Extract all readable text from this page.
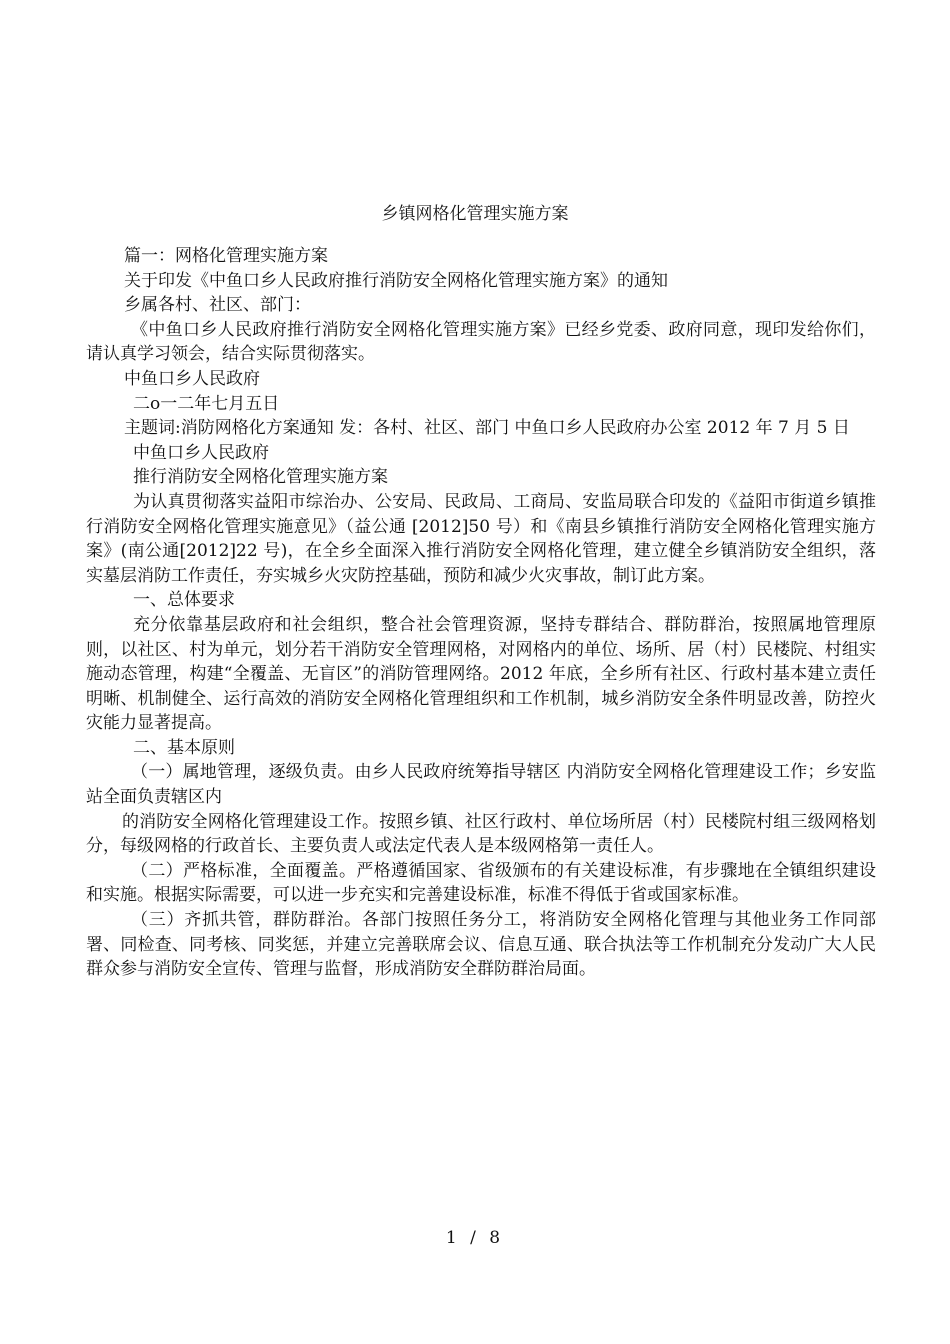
乡镇网格化管理实施方案

篇一：网格化管理实施方案

关于印发《中鱼口乡人民政府推行消防安全网格化管理实施方案》的通知

乡属各村、社区、部门：

《中鱼口乡人民政府推行消防安全网格化管理实施方案》已经乡党委、政府同意，现印发给你们，请认真学习领会，结合实际贯彻落实。

中鱼口乡人民政府

二o一二年七月五日

主题词:消防网格化方案通知 发：各村、社区、部门 中鱼口乡人民政府办公室 2012 年 7 月 5 日

中鱼口乡人民政府

推行消防安全网格化管理实施方案

为认真贯彻落实益阳市综治办、公安局、民政局、工商局、安监局联合印发的《益阳市街道乡镇推行消防安全网格化管理实施意见》（益公通 [2012]50 号）和《南县乡镇推行消防安全网格化管理实施方案》(南公通[2012]22 号)，在全乡全面深入推行消防安全网格化管理，建立健全乡镇消防安全组织，落实墓层消防工作责任，夯实城乡火灾防控基础，预防和减少火灾事故，制订此方案。

一、总体要求

充分依靠基层政府和社会组织，整合社会管理资源，坚持专群结合、群防群治，按照属地管理原则，以社区、村为单元，划分若干消防安全管理网格，对网格内的单位、场所、居（村）民楼院、村组实施动态管理，构建“全覆盖、无盲区”的消防管理网络。2012 年底，全乡所有社区、行政村基本建立责任明晰、机制健全、运行高效的消防安全网格化管理组织和工作机制，城乡消防安全条件明显改善，防控火灾能力显著提高。

二、基本原则

（一）属地管理，逐级负责。由乡人民政府统筹指导辖区 内消防安全网格化管理建设工作；乡安监站全面负责辖区内

的消防安全网格化管理建设工作。按照乡镇、社区行政村、单位场所居（村）民楼院村组三级网格划分，每级网格的行政首长、主要负责人或法定代表人是本级网格第一责任人。

（二）严格标准，全面覆盖。严格遵循国家、省级颁布的有关建设标准，有步骤地在全镇组织建设和实施。根据实际需要，可以进一步充实和完善建设标准，标准不得低于省或国家标准。

（三）齐抓共管，群防群治。各部门按照任务分工，将消防安全网格化管理与其他业务工作同部署、同检查、同考核、同奖惩，并建立完善联席会议、信息互通、联合执法等工作机制充分发动广大人民群众参与消防安全宣传、管理与监督，形成消防安全群防群治局面。

1 / 8
